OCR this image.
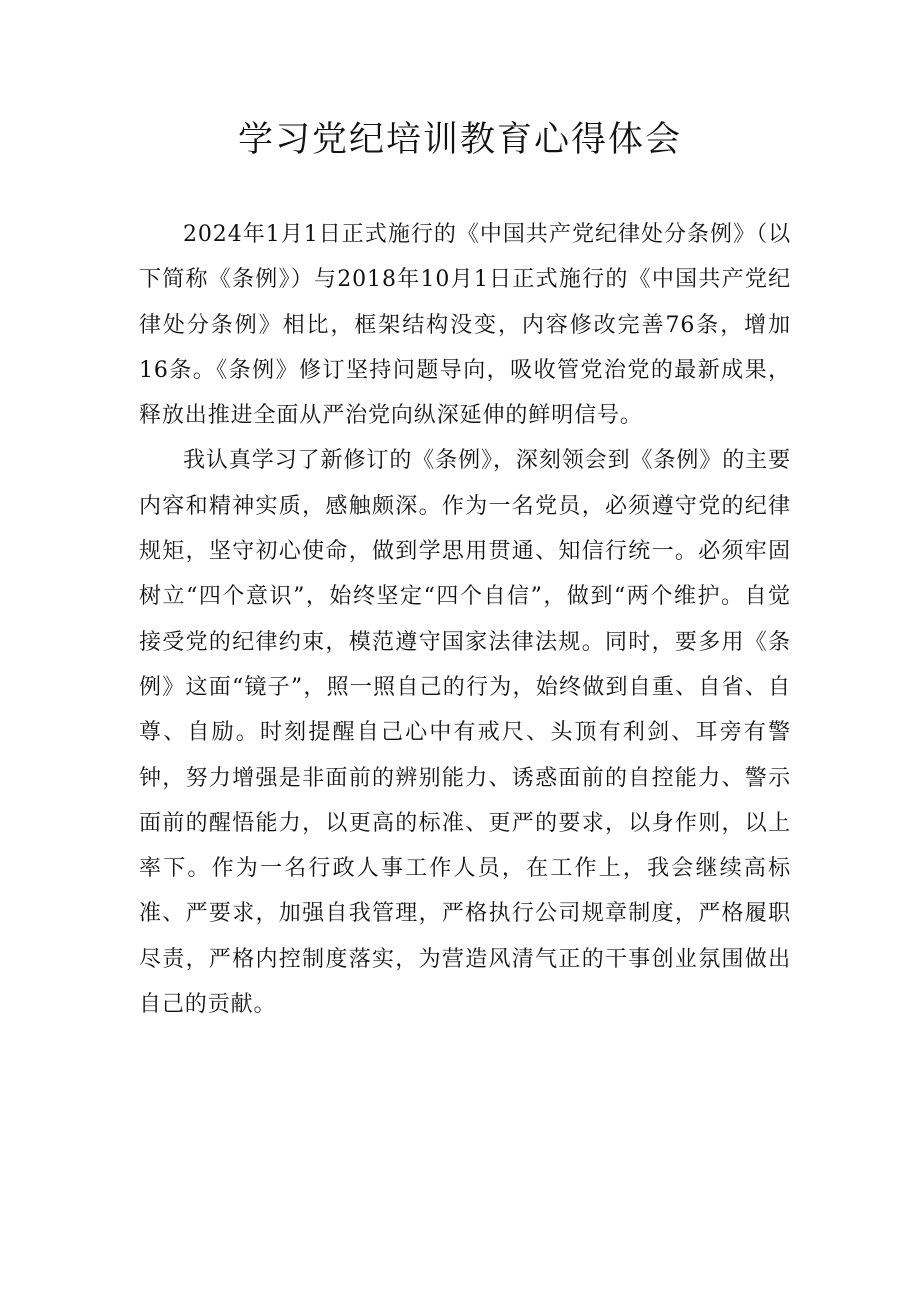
学习党纪培训教育心得体会

2024年1月1日正式施行的《中国共产党纪律处分条例》（以下简称《条例》）与2018年10月1日正式施行的《中国共产党纪律处分条例》相比，框架结构没变，内容修改完善76条，增加16条。《条例》修订坚持问题导向，吸收管党治党的最新成果，释放出推进全面从严治党向纵深延伸的鲜明信号。

我认真学习了新修订的《条例》，深刻领会到《条例》的主要内容和精神实质，感触颇深。作为一名党员，必须遵守党的纪律规矩，坚守初心使命，做到学思用贯通、知信行统一。必须牢固树立“四个意识”，始终坚定“四个自信”，做到“两个维护。自觉接受党的纪律约束，模范遵守国家法律法规。同时，要多用《条例》这面“镜子”，照一照自己的行为，始终做到自重、自省、自尊、自励。时刻提醒自己心中有戒尺、头顶有利剑、耳旁有警钟，努力增强是非面前的辨别能力、诱惑面前的自控能力、警示面前的醒悟能力，以更高的标准、更严的要求，以身作则，以上率下。作为一名行政人事工作人员，在工作上，我会继续高标准、严要求，加强自我管理，严格执行公司规章制度，严格履职尽责，严格内控制度落实，为营造风清气正的干事创业氛围做出自己的贡献。
